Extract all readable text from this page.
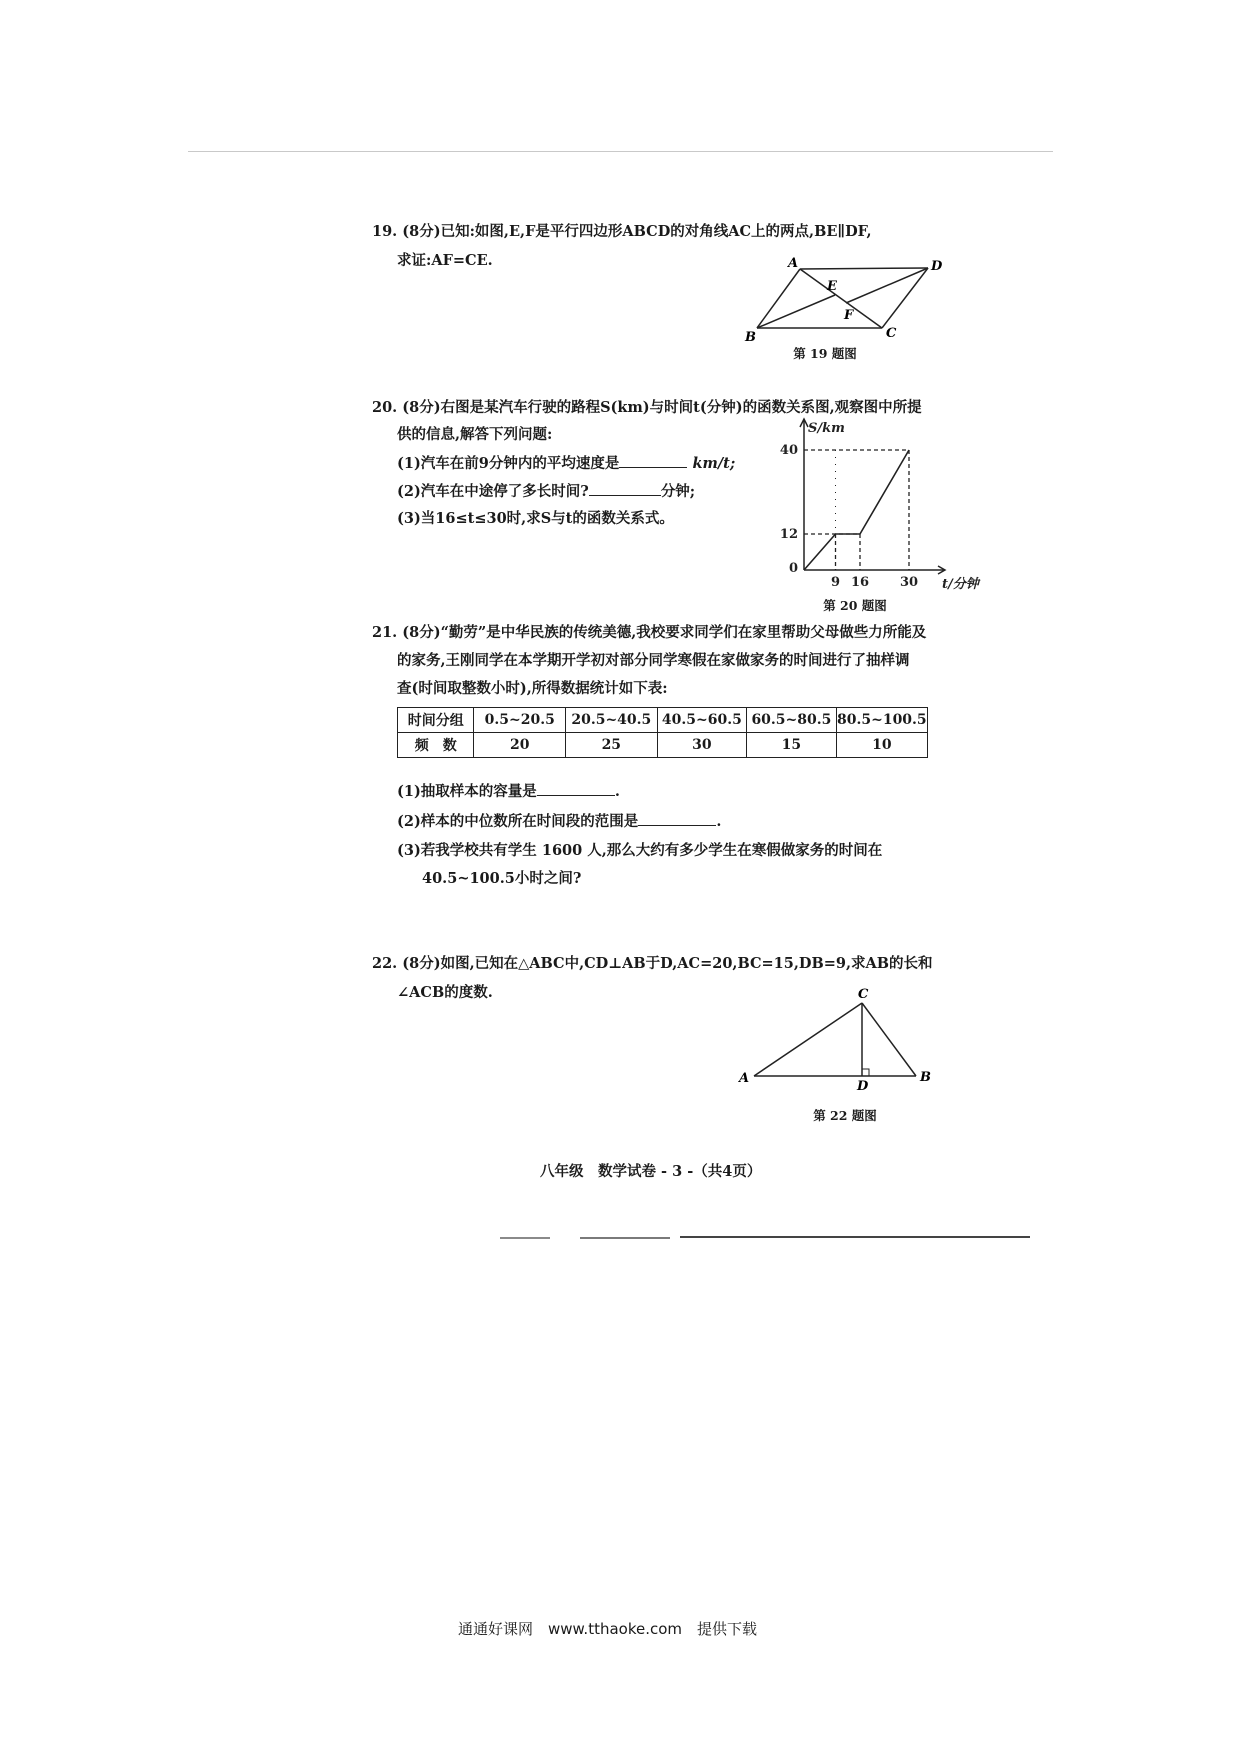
19. (8分)已知:如图,E,F是平行四边形ABCD的对角线AC上的两点,BE∥DF,
求证:AF=CE.	A	D
E
F
B	C
第 19 题图
20. (8分)右图是某汽车行驶的路程S(km)与时间t(分钟)的函数关系图,观察图中所提
供的信息,解答下列问题:
(1)汽车在前9分钟内的平均速度是	km/t;
(2)汽车在中途停了多长时间?	分钟;
(3)当16≤t≤30时,求S与t的函数关系式。
9 16 30
0
12
40
t/分钟
S/km
第 20 题图
21. (8分)“勤劳”是中华民族的传统美德,我校要求同学们在家里帮助父母做些力所能及
的家务,王刚同学在本学期开学初对部分同学寒假在家做家务的时间进行了抽样调
查(时间取整数小时),所得数据统计如下表:
时间分组	0.5~20.5	20.5~40.5	40.5~60.5	60.5~80.5	80.5~100.5
频　数	20	25	30	15	10
(1)抽取样本的容量是	.
(2)样本的中位数所在时间段的范围是	.
(3)若我学校共有学生 1600 人,那么大约有多少学生在寒假做家务的时间在
40.5~100.5小时之间?
22. (8分)如图,已知在△ABC中,CD⊥AB于D,AC=20,BC=15,DB=9,求AB的长和
∠ACB的度数.	C
A
D
B
第 22 题图
八年级　数学试卷 - 3 -（共4页）
通通好课网　www.tthaoke.com　提供下载
